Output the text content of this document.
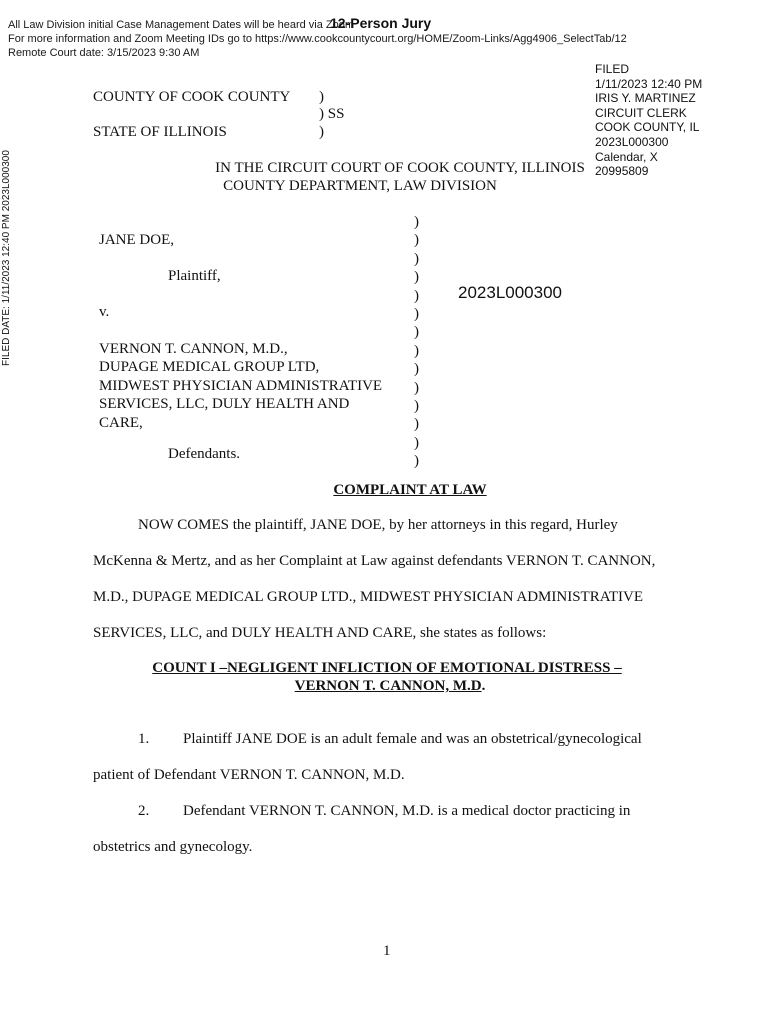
All Law Division initial Case Management Dates will be heard via Zoom
For more information and Zoom Meeting IDs go to https://www.cookcountycourt.org/HOME/Zoom-Links/Agg4906_SelectTab/12
Remote Court date: 3/15/2023 9:30 AM
12-Person Jury
FILED DATE: 1/11/2023 12:40 PM 2023L000300
FILED
1/11/2023 12:40 PM
IRIS Y. MARTINEZ
CIRCUIT CLERK
COOK COUNTY, IL
2023L000300
Calendar, X
20995809
COUNTY OF COOK COUNTY
STATE OF ILLINOIS
)
) SS
)
IN THE CIRCUIT COURT OF COOK COUNTY, ILLINOIS
COUNTY DEPARTMENT, LAW DIVISION
JANE DOE,
Plaintiff,
v.
VERNON T. CANNON, M.D.,
DUPAGE MEDICAL GROUP LTD,
MIDWEST PHYSICIAN ADMINISTRATIVE
SERVICES, LLC, DULY HEALTH AND
CARE,
Defendants.
2023L000300
)
)
)
)
)
)
)
)
)
)
)
)
)
)
COMPLAINT AT LAW
NOW COMES the plaintiff, JANE DOE, by her attorneys in this regard, Hurley
McKenna & Mertz, and as her Complaint at Law against defendants VERNON T. CANNON,
M.D., DUPAGE MEDICAL GROUP LTD., MIDWEST PHYSICIAN ADMINISTRATIVE
SERVICES, LLC, and DULY HEALTH AND CARE, she states as follows:
COUNT I –NEGLIGENT INFLICTION OF EMOTIONAL DISTRESS –
VERNON T. CANNON, M.D.
1. Plaintiff JANE DOE is an adult female and was an obstetrical/gynecological
patient of Defendant VERNON T. CANNON, M.D.
2. Defendant VERNON T. CANNON, M.D. is a medical doctor practicing in
obstetrics and gynecology.
1
